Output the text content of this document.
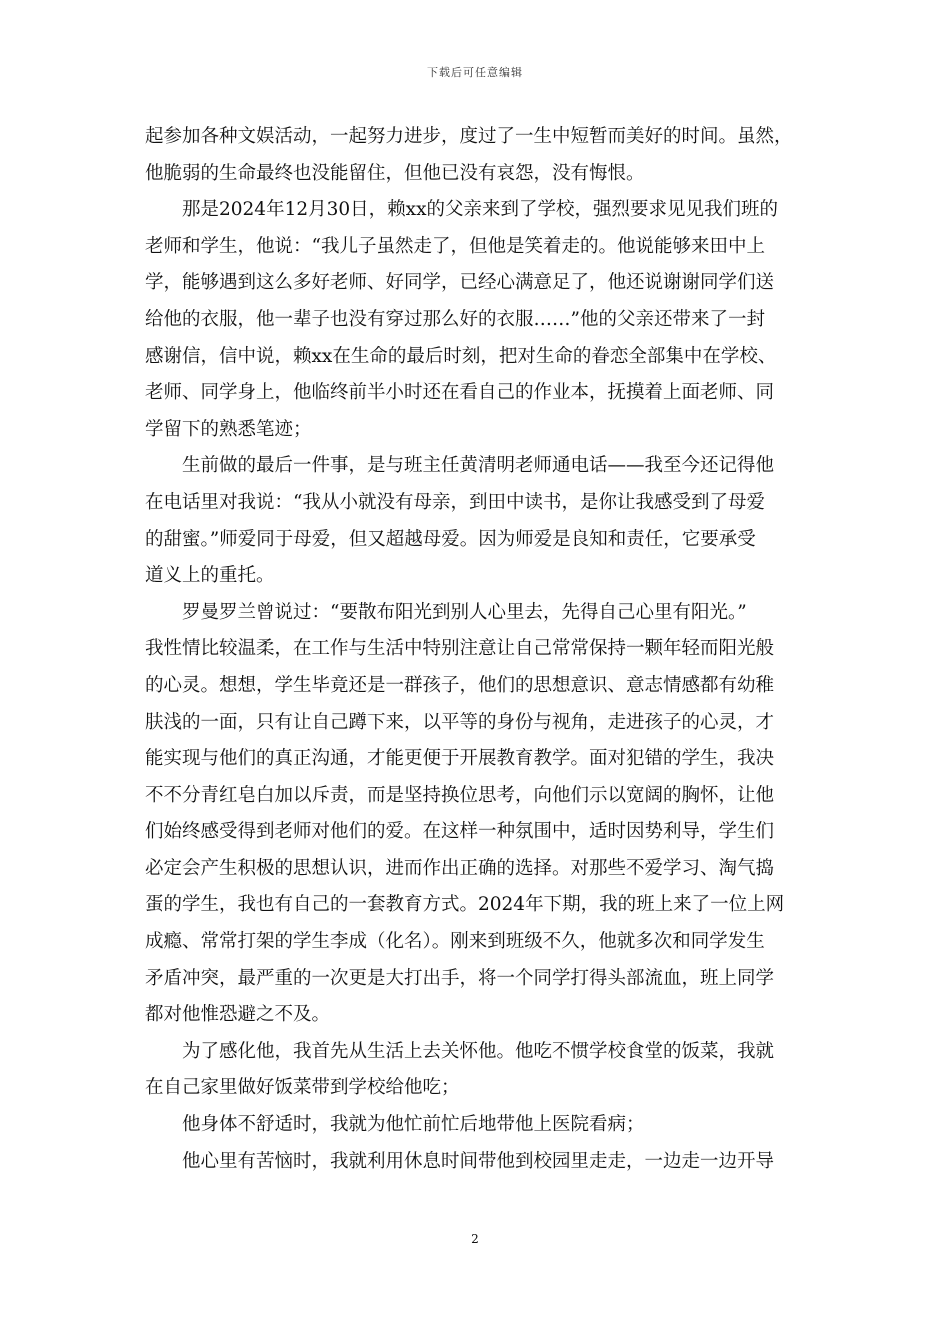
下载后可任意编辑

起参加各种文娱活动，一起努力进步，度过了一生中短暂而美好的时间。虽然，

他脆弱的生命最终也没能留住，但他已没有哀怨，没有悔恨。

那是2024年12月30日，赖xx的父亲来到了学校，强烈要求见见我们班的

老师和学生，他说：“我儿子虽然走了，但他是笑着走的。他说能够来田中上

学，能够遇到这么多好老师、好同学，已经心满意足了，他还说谢谢同学们送

给他的衣服，他一辈子也没有穿过那么好的衣服……”他的父亲还带来了一封

感谢信，信中说，赖xx在生命的最后时刻，把对生命的眷恋全部集中在学校、

老师、同学身上，他临终前半小时还在看自己的作业本，抚摸着上面老师、同

学留下的熟悉笔迹；

生前做的最后一件事，是与班主任黄清明老师通电话——我至今还记得他

在电话里对我说：“我从小就没有母亲，到田中读书，是你让我感受到了母爱

的甜蜜。”师爱同于母爱，但又超越母爱。因为师爱是良知和责任，它要承受

道义上的重托。

罗曼罗兰曾说过：“要散布阳光到别人心里去，先得自己心里有阳光。”

我性情比较温柔，在工作与生活中特别注意让自己常常保持一颗年轻而阳光般

的心灵。想想，学生毕竟还是一群孩子，他们的思想意识、意志情感都有幼稚

肤浅的一面，只有让自己蹲下来，以平等的身份与视角，走进孩子的心灵，才

能实现与他们的真正沟通，才能更便于开展教育教学。面对犯错的学生，我决

不不分青红皂白加以斥责，而是坚持换位思考，向他们示以宽阔的胸怀，让他

们始终感受得到老师对他们的爱。在这样一种氛围中，适时因势利导，学生们

必定会产生积极的思想认识，进而作出正确的选择。对那些不爱学习、淘气捣

蛋的学生，我也有自己的一套教育方式。2024年下期，我的班上来了一位上网

成瘾、常常打架的学生李成（化名）。刚来到班级不久，他就多次和同学发生

矛盾冲突，最严重的一次更是大打出手，将一个同学打得头部流血，班上同学

都对他惟恐避之不及。

为了感化他，我首先从生活上去关怀他。他吃不惯学校食堂的饭菜，我就

在自己家里做好饭菜带到学校给他吃；

他身体不舒适时，我就为他忙前忙后地带他上医院看病；

他心里有苦恼时，我就利用休息时间带他到校园里走走，一边走一边开导

2
